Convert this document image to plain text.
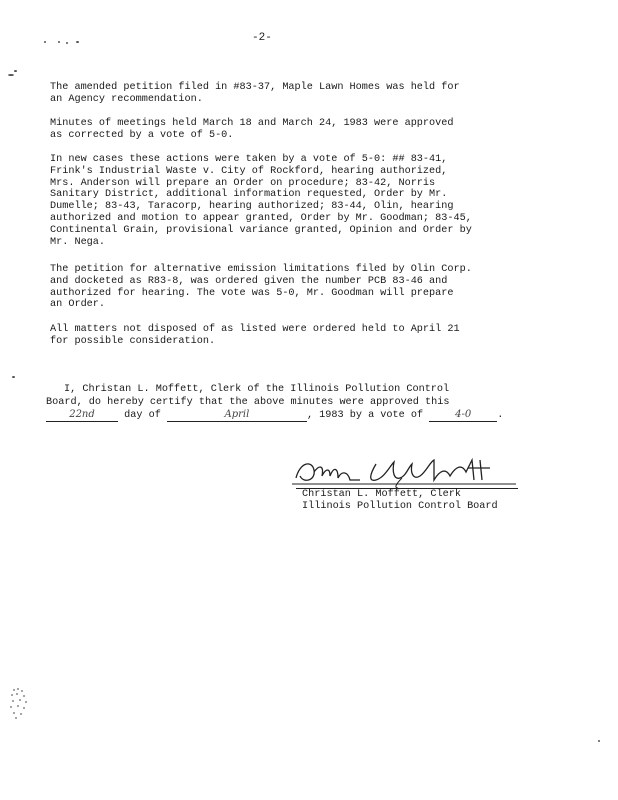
-2-

The amended petition filed in #83-37, Maple Lawn Homes was held for
an Agency recommendation.

Minutes of meetings held March 18 and March 24, 1983 were approved
as corrected by a vote of 5-0.

In new cases these actions were taken by a vote of 5-0: ## 83-41,
Frink's Industrial Waste v. City of Rockford, hearing authorized,
Mrs. Anderson will prepare an Order on procedure; 83-42, Norris
Sanitary District, additional information requested, Order by Mr.
Dumelle; 83-43, Taracorp, hearing authorized; 83-44, Olin, hearing
authorized and motion to appear granted, Order by Mr. Goodman; 83-45,
Continental Grain, provisional variance granted, Opinion and Order by
Mr. Nega.

The petition for alternative emission limitations filed by Olin Corp.
and docketed as R83-8, was ordered given the number PCB 83-46 and
authorized for hearing. The vote was 5-0, Mr. Goodman will prepare
an Order.

All matters not disposed of as listed were ordered held to April 21
for possible consideration.

I, Christan L. Moffett, Clerk of the Illinois Pollution Control
Board, do hereby certify that the above minutes were approved this
22nd	day of	April	, 1983 by a vote of	4-0	.
Christan L. Moffett, Clerk
Illinois Pollution Control Board
